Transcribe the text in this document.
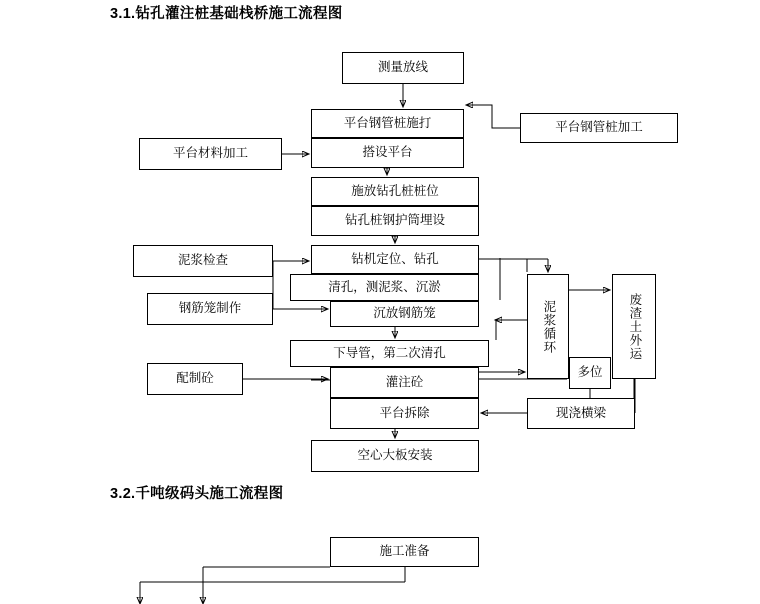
3.1.钻孔灌注桩基础栈桥施工流程图
3.2.千吨级码头施工流程图
测量放线
平台钢管桩施打
搭设平台
平台钢管桩加工
平台材料加工
施放钻孔桩桩位
钻孔桩钢护筒埋设
泥浆检查	钻机定位、钻孔
清孔，测泥浆、沉淤
钢筋笼制作	沉放钢筋笼	泥浆循环	废渣土外运
下导管，第二次清孔
配制砼	灌注砼
多位
平台拆除	现浇横梁
空心大板安装
施工准备
